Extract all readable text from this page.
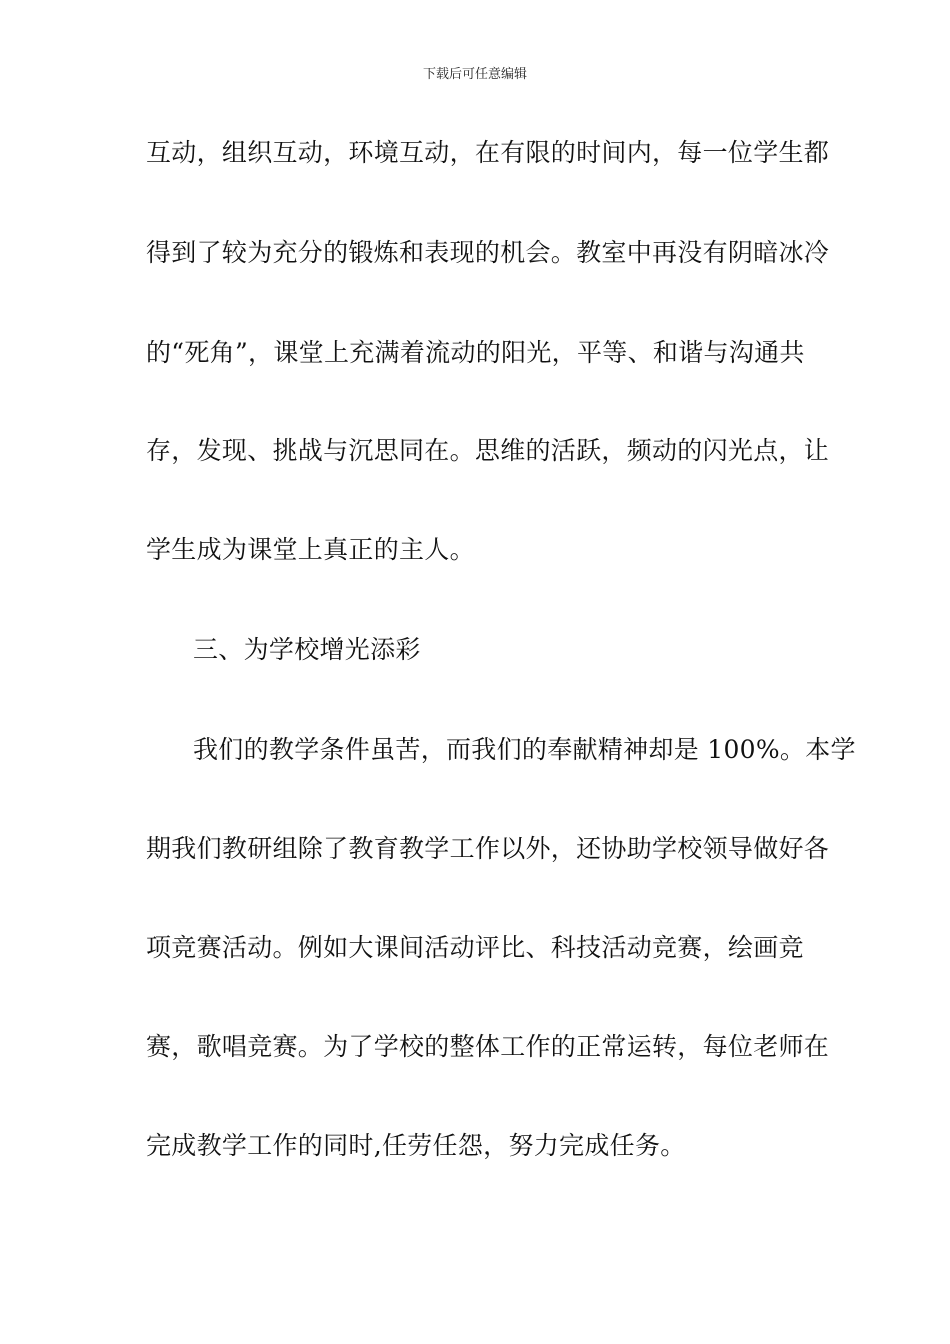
下载后可任意编辑
互动，组织互动，环境互动，在有限的时间内，每一位学生都
得到了较为充分的锻炼和表现的机会。教室中再没有阴暗冰冷
的“死角”，课堂上充满着流动的阳光，平等、和谐与沟通共
存，发现、挑战与沉思同在。思维的活跃，频动的闪光点，让
学生成为课堂上真正的主人。
三、为学校增光添彩
我们的教学条件虽苦，而我们的奉献精神却是 100%。本学
期我们教研组除了教育教学工作以外，还协助学校领导做好各
项竞赛活动。例如大课间活动评比、科技活动竞赛，绘画竞
赛，歌唱竞赛。为了学校的整体工作的正常运转，每位老师在
完成教学工作的同时,任劳任怨，努力完成任务。
